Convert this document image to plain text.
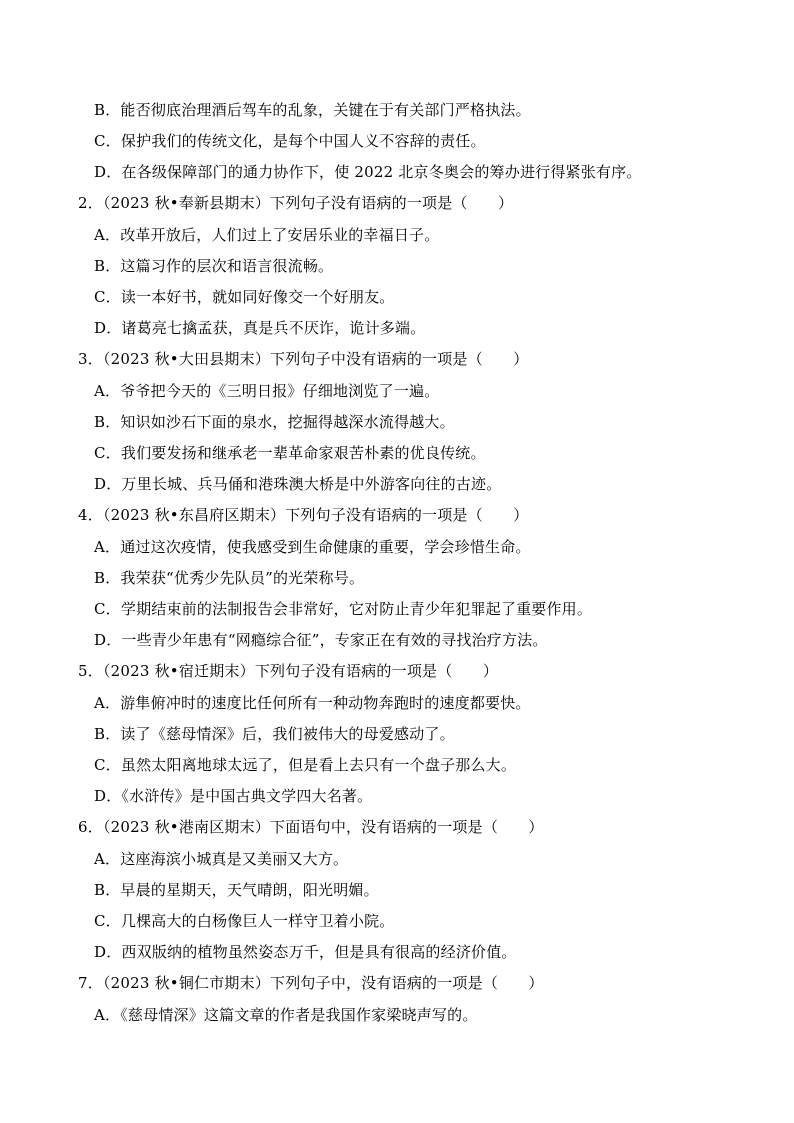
B．能否彻底治理酒后驾车的乱象，关键在于有关部门严格执法。
C．保护我们的传统文化，是每个中国人义不容辞的责任。
D．在各级保障部门的通力协作下，使 2022 北京冬奥会的筹办进行得紧张有序。
2．（2023 秋•奉新县期末）下列句子没有语病的一项是（　　）
A．改革开放后，人们过上了安居乐业的幸福日子。
B．这篇习作的层次和语言很流畅。
C．读一本好书，就如同好像交一个好朋友。
D．诸葛亮七擒孟获，真是兵不厌诈，诡计多端。
3．（2023 秋•大田县期末）下列句子中没有语病的一项是（　　）
A．爷爷把今天的《三明日报》仔细地浏览了一遍。
B．知识如沙石下面的泉水，挖掘得越深水流得越大。
C．我们要发扬和继承老一辈革命家艰苦朴素的优良传统。
D．万里长城、兵马俑和港珠澳大桥是中外游客向往的古迹。
4．（2023 秋•东昌府区期末）下列句子没有语病的一项是（　　）
A．通过这次疫情，使我感受到生命健康的重要，学会珍惜生命。
B．我荣获“优秀少先队员”的光荣称号。
C．学期结束前的法制报告会非常好，它对防止青少年犯罪起了重要作用。
D．一些青少年患有“网瘾综合征”，专家正在有效的寻找治疗方法。
5．（2023 秋•宿迁期末）下列句子没有语病的一项是（　　）
A．游隼俯冲时的速度比任何所有一种动物奔跑时的速度都要快。
B．读了《慈母情深》后，我们被伟大的母爱感动了。
C．虽然太阳离地球太远了，但是看上去只有一个盘子那么大。
D．《水浒传》是中国古典文学四大名著。
6．（2023 秋•港南区期末）下面语句中，没有语病的一项是（　　）
A．这座海滨小城真是又美丽又大方。
B．早晨的星期天，天气晴朗，阳光明媚。
C．几棵高大的白杨像巨人一样守卫着小院。
D．西双版纳的植物虽然姿态万千，但是具有很高的经济价值。
7．（2023 秋•铜仁市期末）下列句子中，没有语病的一项是（　　）
A．《慈母情深》这篇文章的作者是我国作家梁晓声写的。
